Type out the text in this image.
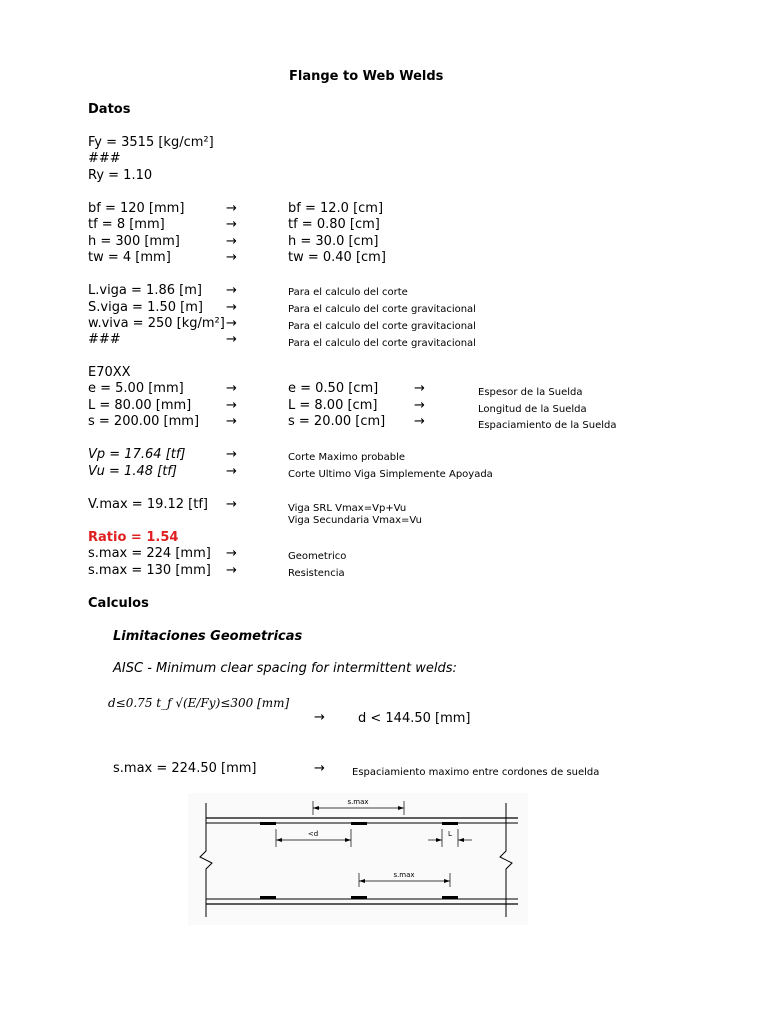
Flange to Web Welds
Datos
Fy = 3515 [kg/cm²]
###
Ry = 1.10
bf = 120 [mm]	→	bf = 12.0 [cm]
tf = 8 [mm]	→	tf = 0.80 [cm]
h = 300 [mm]	→	h = 30.0 [cm]
tw = 4 [mm]	→	tw = 0.40 [cm]
L.viga = 1.86 [m] →	Para el calculo del corte
S.viga = 1.50 [m] →	Para el calculo del corte gravitacional
w.viva = 250 [kg/m²] →	Para el calculo del corte gravitacional
###	→	Para el calculo del corte gravitacional
E70XX
e = 5.00 [mm]	→	e = 0.50 [cm]	→	Espesor de la Suelda
L = 80.00 [mm]	→	L = 8.00 [cm]	→	Longitud de la Suelda
s = 200.00 [mm] →	s = 20.00 [cm] →	Espaciamiento de la Suelda
Vp = 17.64 [tf]	→	Corte Maximo probable
Vu = 1.48 [tf]	→	Corte Ultimo Viga Simplemente Apoyada
V.max = 19.12 [tf] →	Viga SRL Vmax=Vp+Vu
Viga Secundaria Vmax=Vu
Ratio = 1.54
s.max = 224 [mm] →	Geometrico
s.max = 130 [mm] →	Resistencia
Calculos
Limitaciones Geometricas
AISC - Minimum clear spacing for intermittent welds:
d≤0.75 t_f √(E/Fy)≤300 [mm]
→	d < 144.50 [mm]
s.max = 224.50 [mm]	→	Espaciamiento maximo entre cordones de suelda
s.max
<d	L
s.max
